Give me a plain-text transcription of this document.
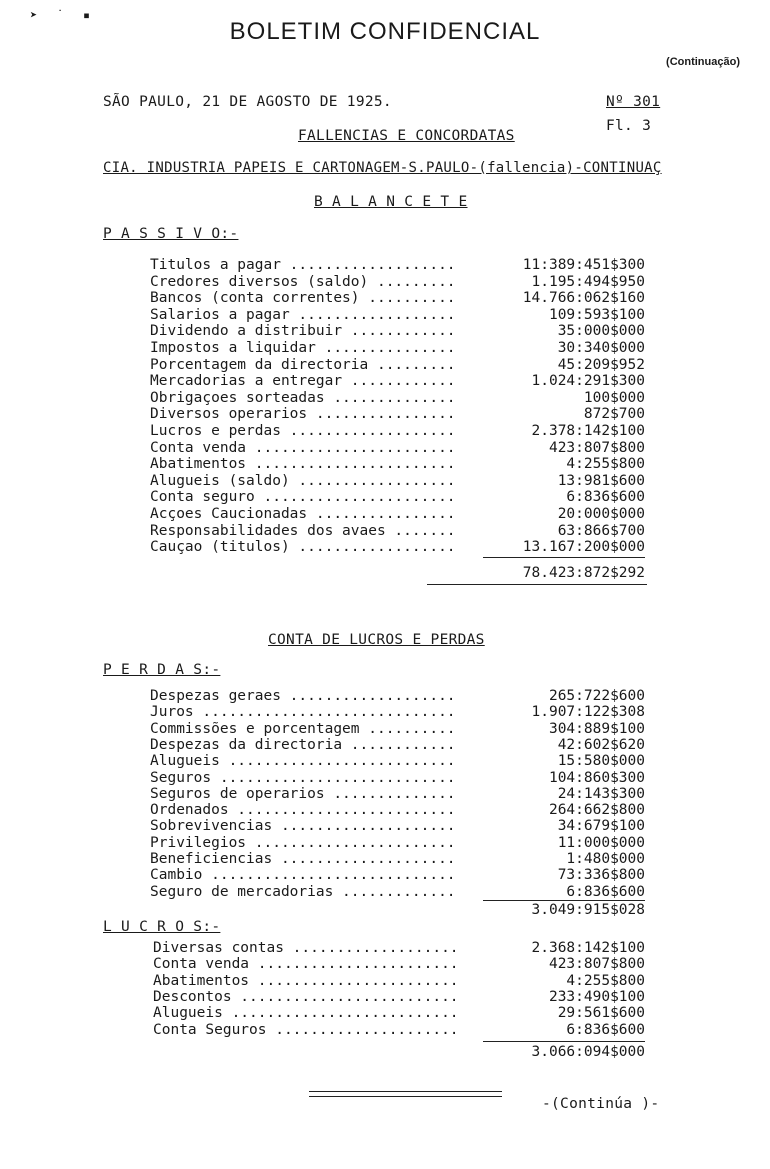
➤ ˙ ▪
BOLETIM CONFIDENCIAL
(Continuação)
SÃO PAULO, 21 DE AGOSTO DE 1925.	Nº 301
Fl. 3
FALLENCIAS E CONCORDATAS
CIA. INDUSTRIA PAPEIS E CARTONAGEM-S.PAULO-(fallencia)-CONTINUAÇ
B A L A N C E T E
P A S S I V O:-
Titulos a pagar ...................	11:389:451$300
Credores diversos (saldo) .........	1.195:494$950
Bancos (conta correntes) ..........	14.766:062$160
Salarios a pagar ..................	109:593$100
Dividendo a distribuir ............	35:000$000
Impostos a liquidar ...............	30:340$000
Porcentagem da directoria .........	45:209$952
Mercadorias a entregar ............	1.024:291$300
Obrigaçoes sorteadas ..............	100$000
Diversos operarios ................	872$700
Lucros e perdas ...................	2.378:142$100
Conta venda .......................	423:807$800
Abatimentos .......................	4:255$800
Alugueis (saldo) ..................	13:981$600
Conta seguro ......................	6:836$600
Acçoes Caucionadas ................	20:000$000
Responsabilidades dos avaes .......	63:866$700
Cauçao (titulos) ..................	13.167:200$000
78.423:872$292
CONTA DE LUCROS E PERDAS
P E R D A S:-
Despezas geraes ...................	265:722$600
Juros .............................	1.907:122$308
Commissões e porcentagem ..........	304:889$100
Despezas da directoria ............	42:602$620
Alugueis ..........................	15:580$000
Seguros ...........................	104:860$300
Seguros de operarios ..............	24:143$300
Ordenados .........................	264:662$800
Sobrevivencias ....................	34:679$100
Privilegios .......................	11:000$000
Beneficiencias ....................	1:480$000
Cambio ............................	73:336$800
Seguro de mercadorias .............	6:836$600
3.049:915$028
L U C R O S:-
Diversas contas ...................	2.368:142$100
Conta venda .......................	423:807$800
Abatimentos .......................	4:255$800
Descontos .........................	233:490$100
Alugueis ..........................	29:561$600
Conta Seguros .....................	6:836$600
3.066:094$000
-(Continúa )-
